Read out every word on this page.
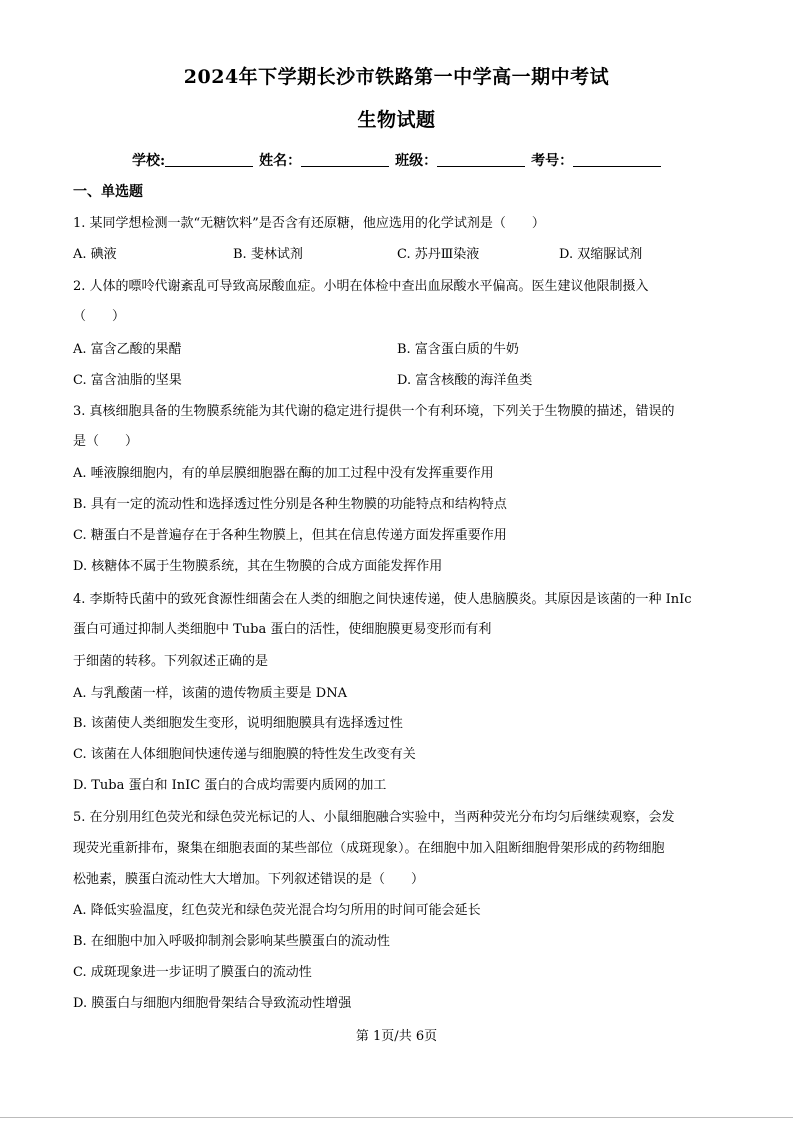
2024年下学期长沙市铁路第一中学高一期中考试
生物试题
学校:	姓名：	班级：	考号：
一、单选题
1. 某同学想检测一款“无糖饮料”是否含有还原糖，他应选用的化学试剂是（　　）
A. 碘液	B. 斐林试剂	C. 苏丹Ⅲ染液	D. 双缩脲试剂
2. 人体的嘌呤代谢紊乱可导致高尿酸血症。小明在体检中查出血尿酸水平偏高。医生建议他限制摄入
（　　）
A. 富含乙酸的果醋	B. 富含蛋白质的牛奶
C. 富含油脂的坚果	D. 富含核酸的海洋鱼类
3. 真核细胞具备的生物膜系统能为其代谢的稳定进行提供一个有利环境，下列关于生物膜的描述，错误的
是（　　）
A. 唾液腺细胞内，有的单层膜细胞器在酶的加工过程中没有发挥重要作用
B. 具有一定的流动性和选择透过性分别是各种生物膜的功能特点和结构特点
C. 糖蛋白不是普遍存在于各种生物膜上，但其在信息传递方面发挥重要作用
D. 核糖体不属于生物膜系统，其在生物膜的合成方面能发挥作用
4. 李斯特氏菌中的致死食源性细菌会在人类的细胞之间快速传递，使人患脑膜炎。其原因是该菌的一种 InIc
蛋白可通过抑制人类细胞中 Tuba 蛋白的活性，使细胞膜更易变形而有利
于细菌的转移。下列叙述正确的是
A. 与乳酸菌一样，该菌的遗传物质主要是 DNA
B. 该菌使人类细胞发生变形，说明细胞膜具有选择透过性
C. 该菌在人体细胞间快速传递与细胞膜的特性发生改变有关
D. Tuba 蛋白和 InIC 蛋白的合成均需要内质网的加工
5. 在分别用红色荧光和绿色荧光标记的人、小鼠细胞融合实验中，当两种荧光分布均匀后继续观察，会发
现荧光重新排布，聚集在细胞表面的某些部位（成斑现象）。在细胞中加入阻断细胞骨架形成的药物细胞
松弛素，膜蛋白流动性大大增加。下列叙述错误的是（　　）
A. 降低实验温度，红色荧光和绿色荧光混合均匀所用的时间可能会延长
B. 在细胞中加入呼吸抑制剂会影响某些膜蛋白的流动性
C. 成斑现象进一步证明了膜蛋白的流动性
D. 膜蛋白与细胞内细胞骨架结合导致流动性增强
第 1页/共 6页
